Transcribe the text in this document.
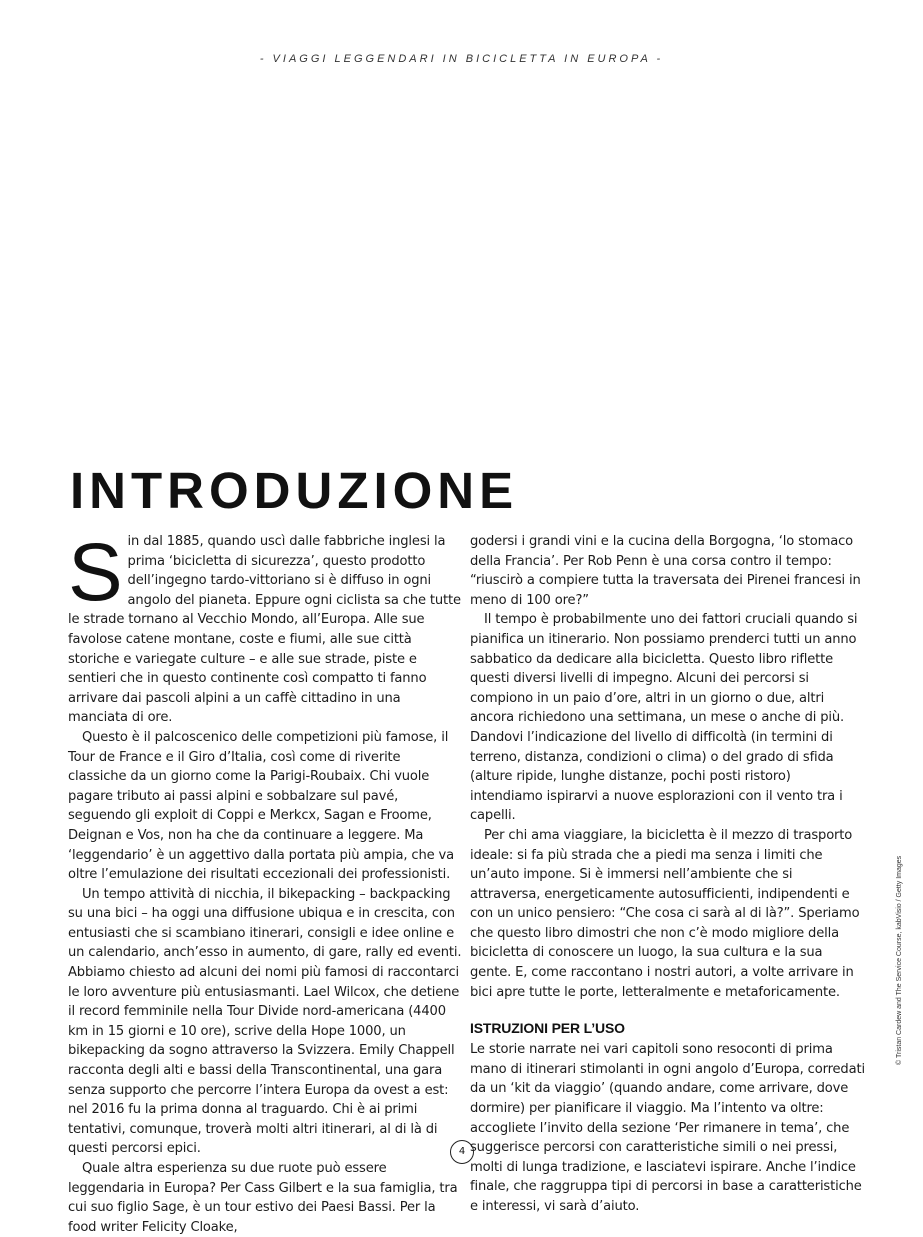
- VIAGGI LEGGENDARI IN BICICLETTA IN EUROPA -
INTRODUZIONE

Sin dal 1885, quando uscì dalle fabbriche inglesi la prima ‘bicicletta di sicurezza’, questo prodotto dell’ingegno tardo-vittoriano si è diffuso in ogni angolo del pianeta. Eppure ogni ciclista sa che tutte le strade tornano al Vecchio Mondo, all’Europa. Alle sue favolose catene montane, coste e fiumi, alle sue città storiche e variegate culture – e alle sue strade, piste e sentieri che in questo continente così compatto ti fanno arrivare dai pascoli alpini a un caffè cittadino in una manciata di ore.

Questo è il palcoscenico delle competizioni più famose, il Tour de France e il Giro d’Italia, così come di riverite classiche da un giorno come la Parigi-Roubaix. Chi vuole pagare tributo ai passi alpini e sobbalzare sul pavé, seguendo gli exploit di Coppi e Merkcx, Sagan e Froome, Deignan e Vos, non ha che da continuare a leggere. Ma ‘leggendario’ è un aggettivo dalla portata più ampia, che va oltre l’emulazione dei risultati eccezionali dei professionisti.

Un tempo attività di nicchia, il bikepacking – backpacking su una bici – ha oggi una diffusione ubiqua e in crescita, con entusiasti che si scambiano itinerari, consigli e idee online e un calendario, anch’esso in aumento, di gare, rally ed eventi. Abbiamo chiesto ad alcuni dei nomi più famosi di raccontarci le loro avventure più entusiasmanti. Lael Wilcox, che detiene il record femminile nella Tour Divide nord-americana (4400 km in 15 giorni e 10 ore), scrive della Hope 1000, un bikepacking da sogno attraverso la Svizzera. Emily Chappell racconta degli alti e bassi della Transcontinental, una gara senza supporto che percorre l’intera Europa da ovest a est: nel 2016 fu la prima donna al traguardo. Chi è ai primi tentativi, comunque, troverà molti altri itinerari, al di là di questi percorsi epici.

Quale altra esperienza su due ruote può essere leggendaria in Europa? Per Cass Gilbert e la sua famiglia, tra cui suo figlio Sage, è un tour estivo dei Paesi Bassi. Per la food writer Felicity Cloake,

godersi i grandi vini e la cucina della Borgogna, ‘lo stomaco della Francia’. Per Rob Penn è una corsa contro il tempo: “riuscirò a compiere tutta la traversata dei Pirenei francesi in meno di 100 ore?”

Il tempo è probabilmente uno dei fattori cruciali quando si pianifica un itinerario. Non possiamo prenderci tutti un anno sabbatico da dedicare alla bicicletta. Questo libro riflette questi diversi livelli di impegno. Alcuni dei percorsi si compiono in un paio d’ore, altri in un giorno o due, altri ancora richiedono una settimana, un mese o anche di più. Dandovi l’indicazione del livello di difficoltà (in termini di terreno, distanza, condizioni o clima) o del grado di sfida (alture ripide, lunghe distanze, pochi posti ristoro) intendiamo ispirarvi a nuove esplorazioni con il vento tra i capelli.

Per chi ama viaggiare, la bicicletta è il mezzo di trasporto ideale: si fa più strada che a piedi ma senza i limiti che un’auto impone. Si è immersi nell’ambiente che si attraversa, energeticamente autosufficienti, indipendenti e con un unico pensiero: “Che cosa ci sarà al di là?”. Speriamo che questo libro dimostri che non c’è modo migliore della bicicletta di conoscere un luogo, la sua cultura e la sua gente. E, come raccontano i nostri autori, a volte arrivare in bici apre tutte le porte, letteralmente e metaforicamente.

ISTRUZIONI PER L’USO

Le storie narrate nei vari capitoli sono resoconti di prima mano di itinerari stimolanti in ogni angolo d’Europa, corredati da un ‘kit da viaggio’ (quando andare, come arrivare, dove dormire) per pianificare il viaggio. Ma l’intento va oltre: accogliete l’invito della sezione ‘Per rimanere in tema’, che suggerisce percorsi con caratteristiche simili o nei pressi, molti di lunga tradizione, e lasciatevi ispirare. Anche l’indice finale, che raggruppa tipi di percorsi in base a caratteristiche e interessi, vi sarà d’aiuto.

4
© Tristan Cardew and The Service Course, kabVisio / Getty Images
